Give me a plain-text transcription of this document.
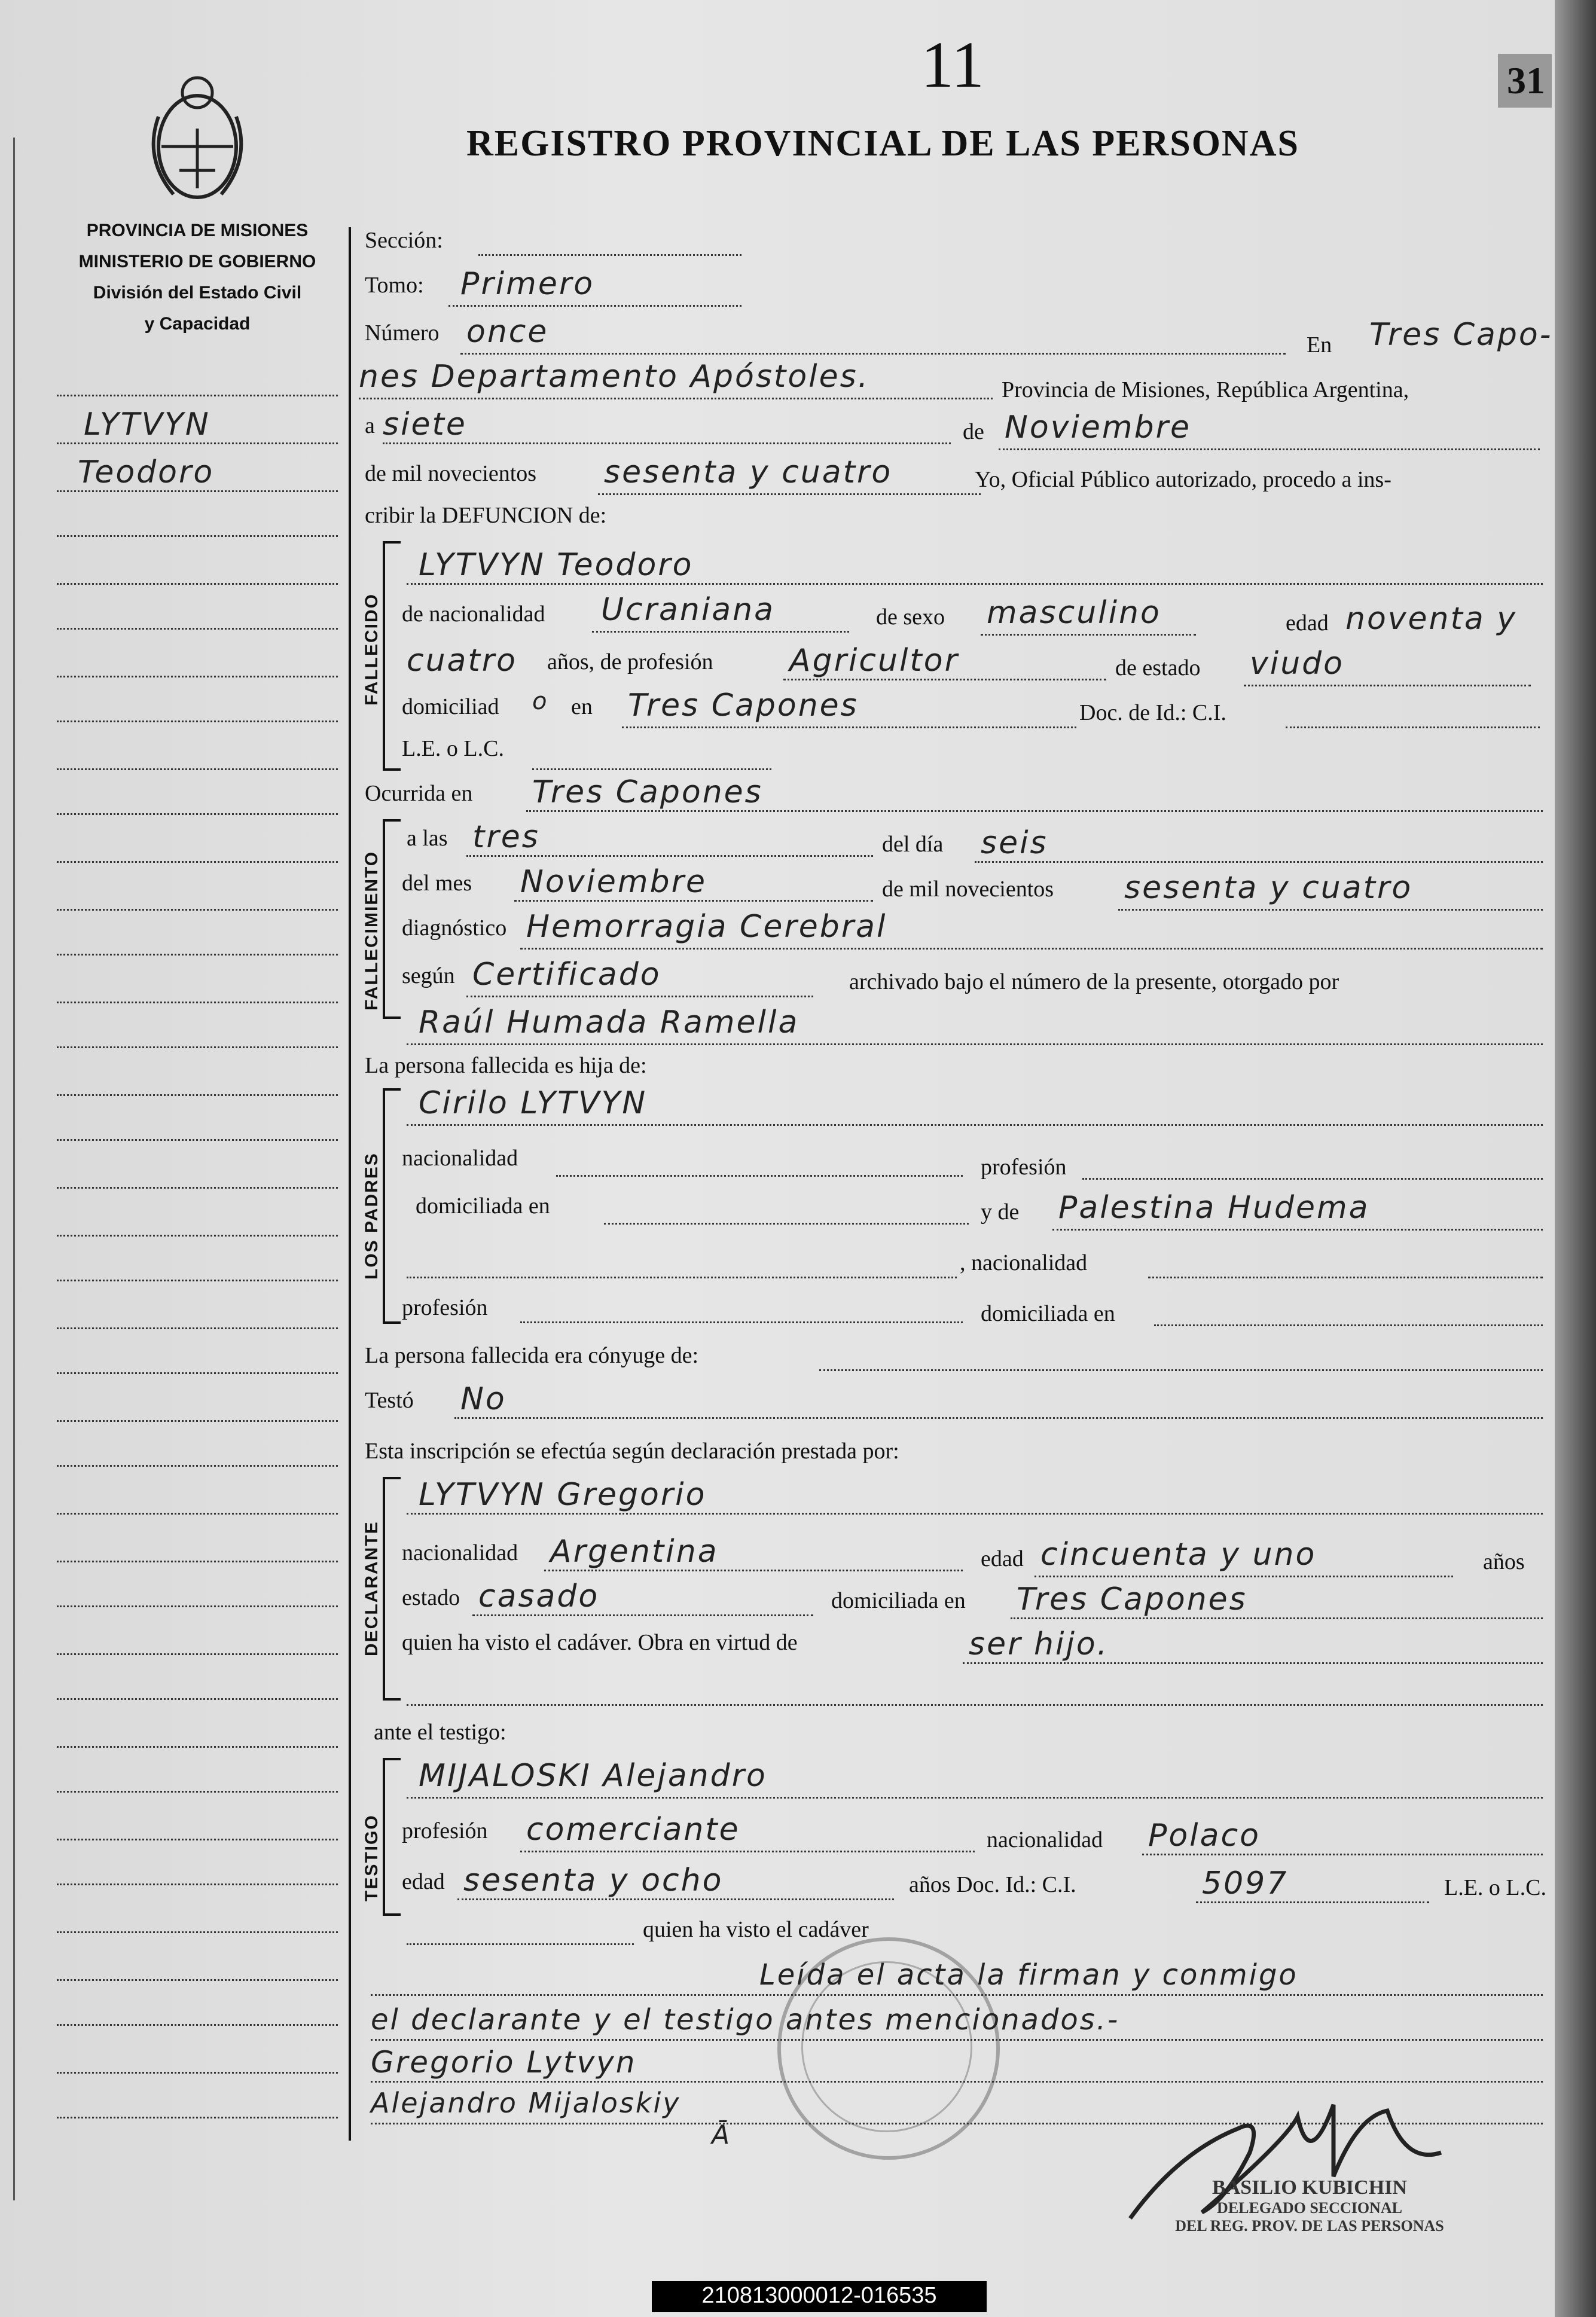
11	31
REGISTRO PROVINCIAL DE LAS PERSONAS
PROVINCIA DE MISIONES
MINISTERIO DE GOBIERNO
División del Estado Civil
y Capacidad
LYTVYN
Teodoro
Sección:
Tomo: Primero
Número once	En Tres Capo-
nes Departamento Apóstoles.	Provincia de Misiones, República Argentina,
a siete	de Noviembre
de mil novecientos sesenta y cuatro	Yo, Oficial Público autorizado, procedo a ins-
cribir la DEFUNCION de:
FALLECIDO
LYTVYN Teodoro
de nacionalidad Ucraniana	de sexo masculino	edad noventa y
cuatro años, de profesión Agricultor	de estado viudo
domiciliad o en Tres Capones	Doc. de Id.: C.I.
L.E. o L.C.
Ocurrida en Tres Capones
FALLECIMIENTO
a las tres	del día seis
del mes Noviembre	de mil novecientos sesenta y cuatro
diagnóstico Hemorragia Cerebral
según Certificado	archivado bajo el número de la presente, otorgado por
Raúl Humada Ramella
La persona fallecida es hija de:
LOS PADRES
Cirilo LYTVYN
nacionalidad	profesión
domiciliada en	y de Palestina Hudema
, nacionalidad
profesión	domiciliada en
La persona fallecida era cónyuge de:
Testó No
Esta inscripción se efectúa según declaración prestada por:
DECLARANTE
LYTVYN Gregorio
nacionalidad Argentina	edad cincuenta y uno	años
estado casado	domiciliada en Tres Capones
quien ha visto el cadáver. Obra en virtud de	ser hijo.
ante el testigo:
TESTIGO
MIJALOSKI Alejandro
profesión comerciante	nacionalidad Polaco
edad sesenta y ocho	años Doc. Id.: C.I.	5097	L.E. o L.C.
quien ha visto el cadáver
Leída el acta la firman y conmigo
el declarante y el testigo antes mencionados.-
Gregorio Lytvyn
Alejandro Mijaloskiy
Ā
BASILIO KUBICHIN
DELEGADO SECCIONAL
DEL REG. PROV. DE LAS PERSONAS
210813000012-016535
